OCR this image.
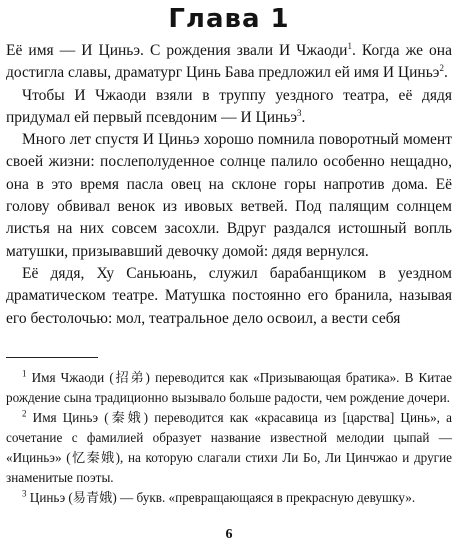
Глава 1

Её имя — И Циньэ. С рождения звали И Чжаоди$^1$. Когда же она достигла славы, драматург Цинь Бава предложил ей имя И Циньэ$^2$.

Чтобы И Чжаоди взяли в труппу уездного театра, её дядя придумал ей первый псевдоним — И Циньэ$^3$.

Много лет спустя И Циньэ хорошо помнила поворотный момент своей жизни: послеполуденное солнце палило особенно нещадно, она в это время пасла овец на склоне горы напротив дома. Её голову обвивал венок из ивовых ветвей. Под палящим солнцем листья на них совсем засохли. Вдруг раздался истошный вопль матушки, призывавший девочку домой: дядя вернулся.

Её дядя, Ху Саньюань, служил барабанщиком в уездном драматическом театре. Матушка постоянно его бранила, называя его бестолочью: мол, театральное дело освоил, а вести себя

$^1$ Имя Чжаоди (招弟) переводится как «Призывающая братика». В Китае рождение сына традиционно вызывало больше радости, чем рождение дочери.

$^2$ Имя Циньэ (秦娥) переводится как «красавица из [царства] Цинь», а сочетание с фамилией образует название известной мелодии цыпай — «Ициньэ» (忆秦娥), на которую слагали стихи Ли Бо, Ли Цинчжао и другие знаменитые поэты.

$^3$ Циньэ (易青娥) — букв. «превращающаяся в прекрасную девушку».

6
